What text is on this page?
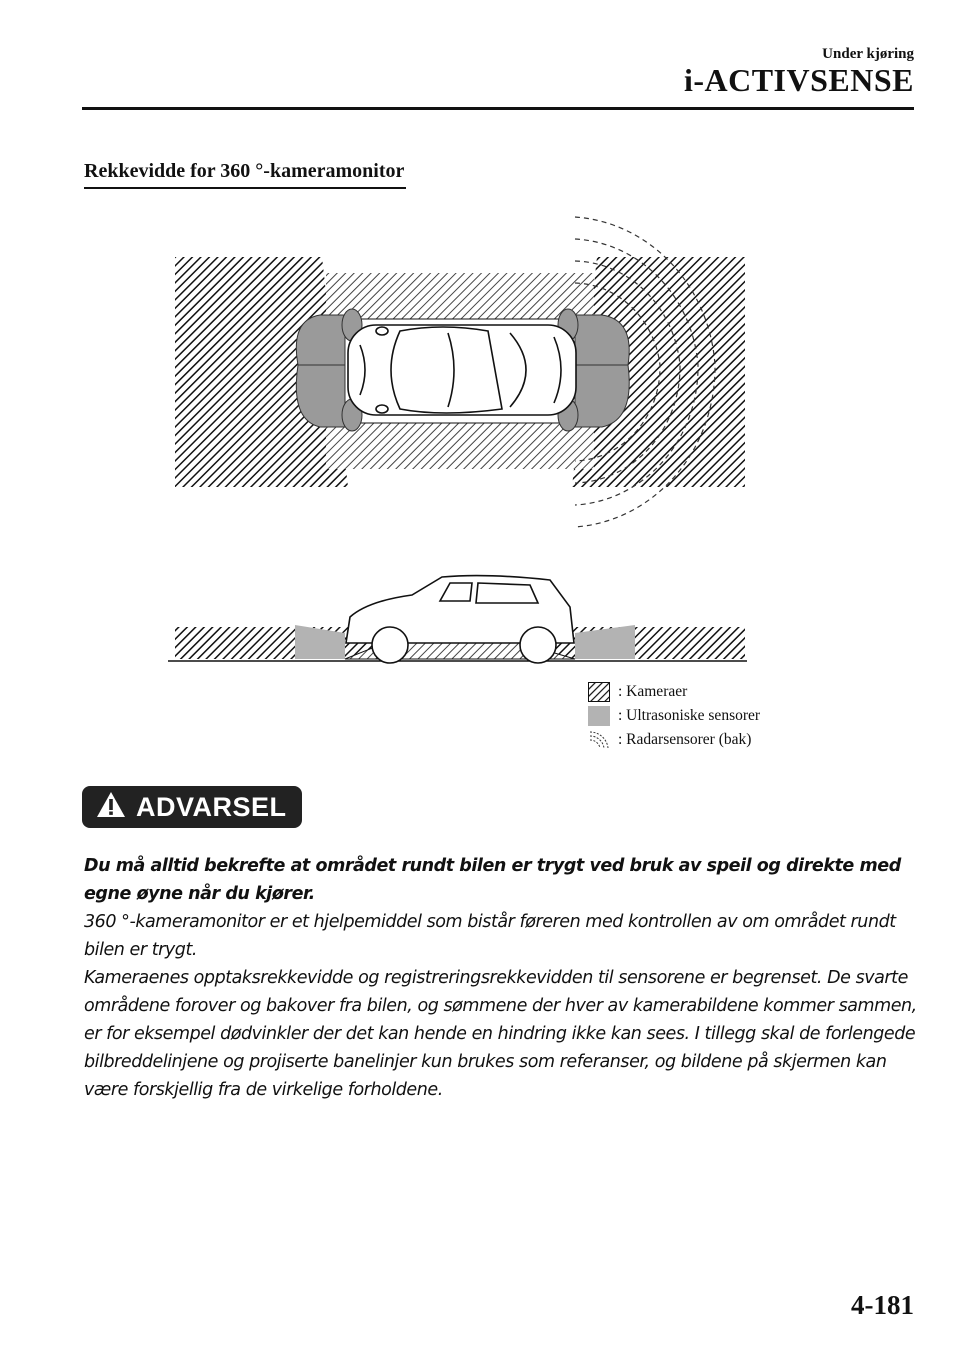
Under kjøring
i-ACTIVSENSE
Rekkevidde for 360 °-kameramonitor
: Kameraer
: Ultrasoniske sensorer
: Radarsensorer (bak)
ADVARSEL

Du må alltid bekrefte at området rundt bilen er trygt ved bruk av speil og direkte med egne øyne når du kjører.

360 °-kameramonitor er et hjelpemiddel som bistår føreren med kontrollen av om området rundt bilen er trygt.

Kameraenes opptaksrekkevidde og registreringsrekkevidden til sensorene er begrenset. De svarte områdene forover og bakover fra bilen, og sømmene der hver av kamerabildene kommer sammen, er for eksempel dødvinkler der det kan hende en hindring ikke kan sees. I tillegg skal de forlengede bilbreddelinjene og projiserte banelinjer kun brukes som referanser, og bildene på skjermen kan være forskjellig fra de virkelige forholdene.

4-181
